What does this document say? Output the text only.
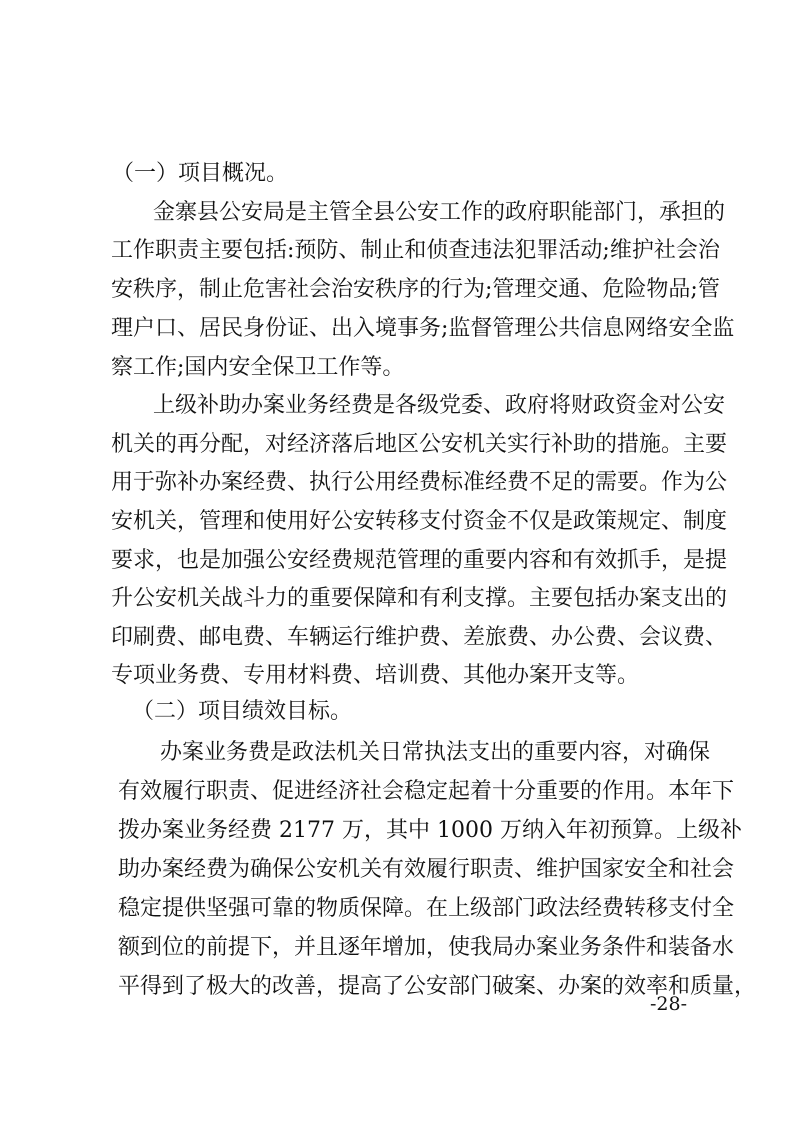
（一）项目概况。
金寨县公安局是主管全县公安工作的政府职能部门，承担的
工作职责主要包括:预防、制止和侦查违法犯罪活动;维护社会治
安秩序，制止危害社会治安秩序的行为;管理交通、危险物品;管
理户口、居民身份证、出入境事务;监督管理公共信息网络安全监
察工作;国内安全保卫工作等。
上级补助办案业务经费是各级党委、政府将财政资金对公安
机关的再分配，对经济落后地区公安机关实行补助的措施。主要
用于弥补办案经费、执行公用经费标准经费不足的需要。作为公
安机关，管理和使用好公安转移支付资金不仅是政策规定、制度
要求，也是加强公安经费规范管理的重要内容和有效抓手，是提
升公安机关战斗力的重要保障和有利支撑。主要包括办案支出的
印刷费、邮电费、车辆运行维护费、差旅费、办公费、会议费、
专项业务费、专用材料费、培训费、其他办案开支等。
（二）项目绩效目标。
办案业务费是政法机关日常执法支出的重要内容，对确保
有效履行职责、促进经济社会稳定起着十分重要的作用。本年下
拨办案业务经费 2177 万，其中 1000 万纳入年初预算。上级补
助办案经费为确保公安机关有效履行职责、维护国家安全和社会
稳定提供坚强可靠的物质保障。在上级部门政法经费转移支付全
额到位的前提下，并且逐年增加，使我局办案业务条件和装备水
平得到了极大的改善，提高了公安部门破案、办案的效率和质量，
-28-
